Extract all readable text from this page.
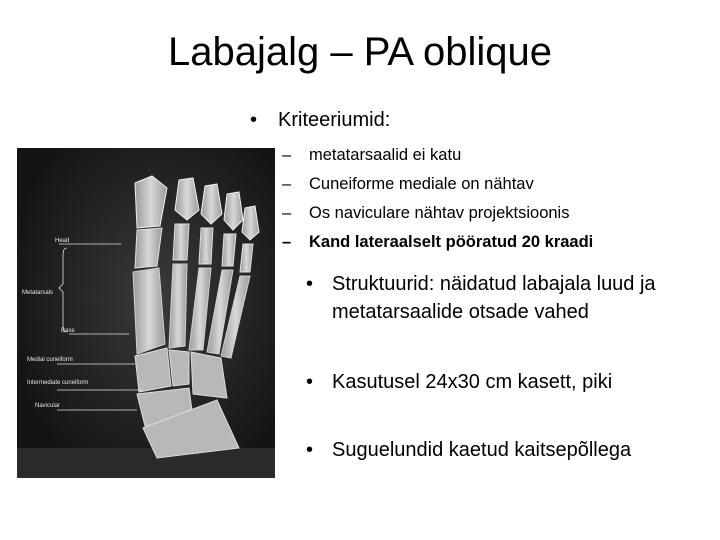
Labajalg – PA oblique
Head
Metatarsals
Base
Medial cuneiform
Intermediate cuneiform
Navicular
• Kriteeriumid:
– metatarsaalid ei katu
– Cuneiforme mediale on nähtav
– Os naviculare nähtav projektsioonis
– Kand lateraalselt pööratud 20 kraadi
• Struktuurid: näidatud labajala luud ja metatarsaalide otsade vahed
• Kasutusel 24x30 cm kasett, piki
• Suguelundid kaetud kaitsepõllega
